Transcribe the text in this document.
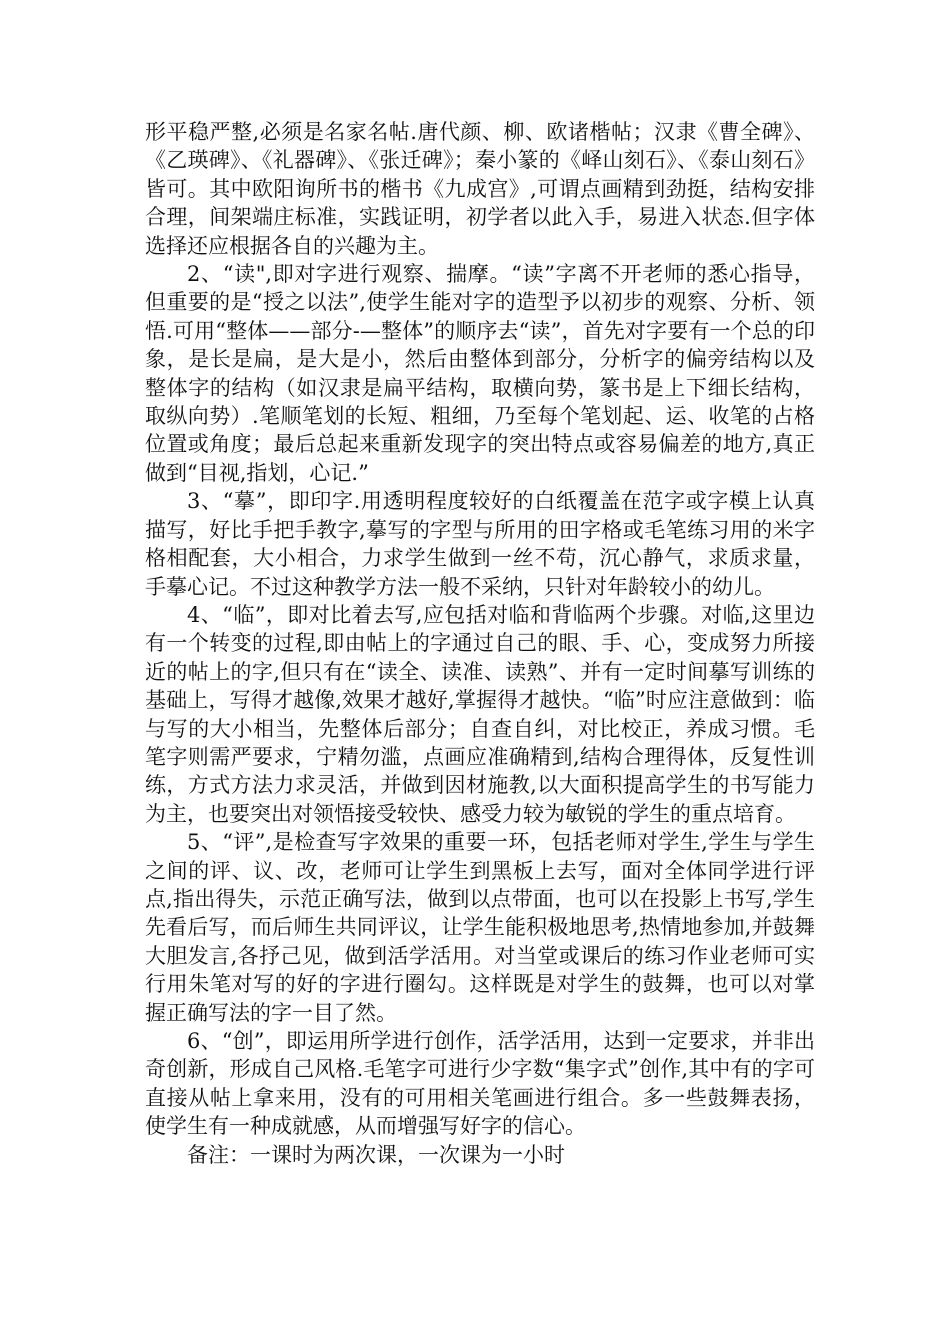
形平稳严整,必须是名家名帖.唐代颜、柳、欧诸楷帖；汉隶《曹全碑》、《乙瑛碑》、《礼器碑》、《张迁碑》；秦小篆的《峄山刻石》、《泰山刻石》皆可。其中欧阳询所书的楷书《九成宫》,可谓点画精到劲挺，结构安排合理，间架端庄标准，实践证明，初学者以此入手，易进入状态.但字体选择还应根据各自的兴趣为主。

2、“读",即对字进行观察、揣摩。“读”字离不开老师的悉心指导，但重要的是“授之以法”,使学生能对字的造型予以初步的观察、分析、领悟.可用“整体——部分-—整体”的顺序去“读”，首先对字要有一个总的印象，是长是扁，是大是小，然后由整体到部分，分析字的偏旁结构以及整体字的结构（如汉隶是扁平结构，取横向势，篆书是上下细长结构，取纵向势）.笔顺笔划的长短、粗细，乃至每个笔划起、运、收笔的占格位置或角度；最后总起来重新发现字的突出特点或容易偏差的地方,真正做到“目视,指划，心记.”

3、“摹”，即印字.用透明程度较好的白纸覆盖在范字或字模上认真描写，好比手把手教字,摹写的字型与所用的田字格或毛笔练习用的米字格相配套，大小相合，力求学生做到一丝不苟，沉心静气，求质求量，手摹心记。不过这种教学方法一般不采纳，只针对年龄较小的幼儿。

4、“临”，即对比着去写,应包括对临和背临两个步骤。对临,这里边有一个转变的过程,即由帖上的字通过自己的眼、手、心，变成努力所接近的帖上的字,但只有在“读全、读准、读熟”、并有一定时间摹写训练的基础上，写得才越像,效果才越好,掌握得才越快。“临”时应注意做到：临与写的大小相当，先整体后部分；自查自纠，对比校正，养成习惯。毛笔字则需严要求，宁精勿滥，点画应准确精到,结构合理得体，反复性训练，方式方法力求灵活，并做到因材施教,以大面积提高学生的书写能力为主，也要突出对领悟接受较快、感受力较为敏锐的学生的重点培育。

5、“评”,是检查写字效果的重要一环，包括老师对学生,学生与学生之间的评、议、改，老师可让学生到黑板上去写，面对全体同学进行评点,指出得失，示范正确写法，做到以点带面，也可以在投影上书写,学生先看后写，而后师生共同评议，让学生能积极地思考,热情地参加,并鼓舞大胆发言,各抒己见，做到活学活用。对当堂或课后的练习作业老师可实行用朱笔对写的好的字进行圈勾。这样既是对学生的鼓舞，也可以对掌握正确写法的字一目了然。

6、“创”，即运用所学进行创作，活学活用，达到一定要求，并非出奇创新，形成自己风格.毛笔字可进行少字数“集字式”创作,其中有的字可直接从帖上拿来用，没有的可用相关笔画进行组合。多一些鼓舞表扬，使学生有一种成就感，从而增强写好字的信心。

备注：一课时为两次课，一次课为一小时
